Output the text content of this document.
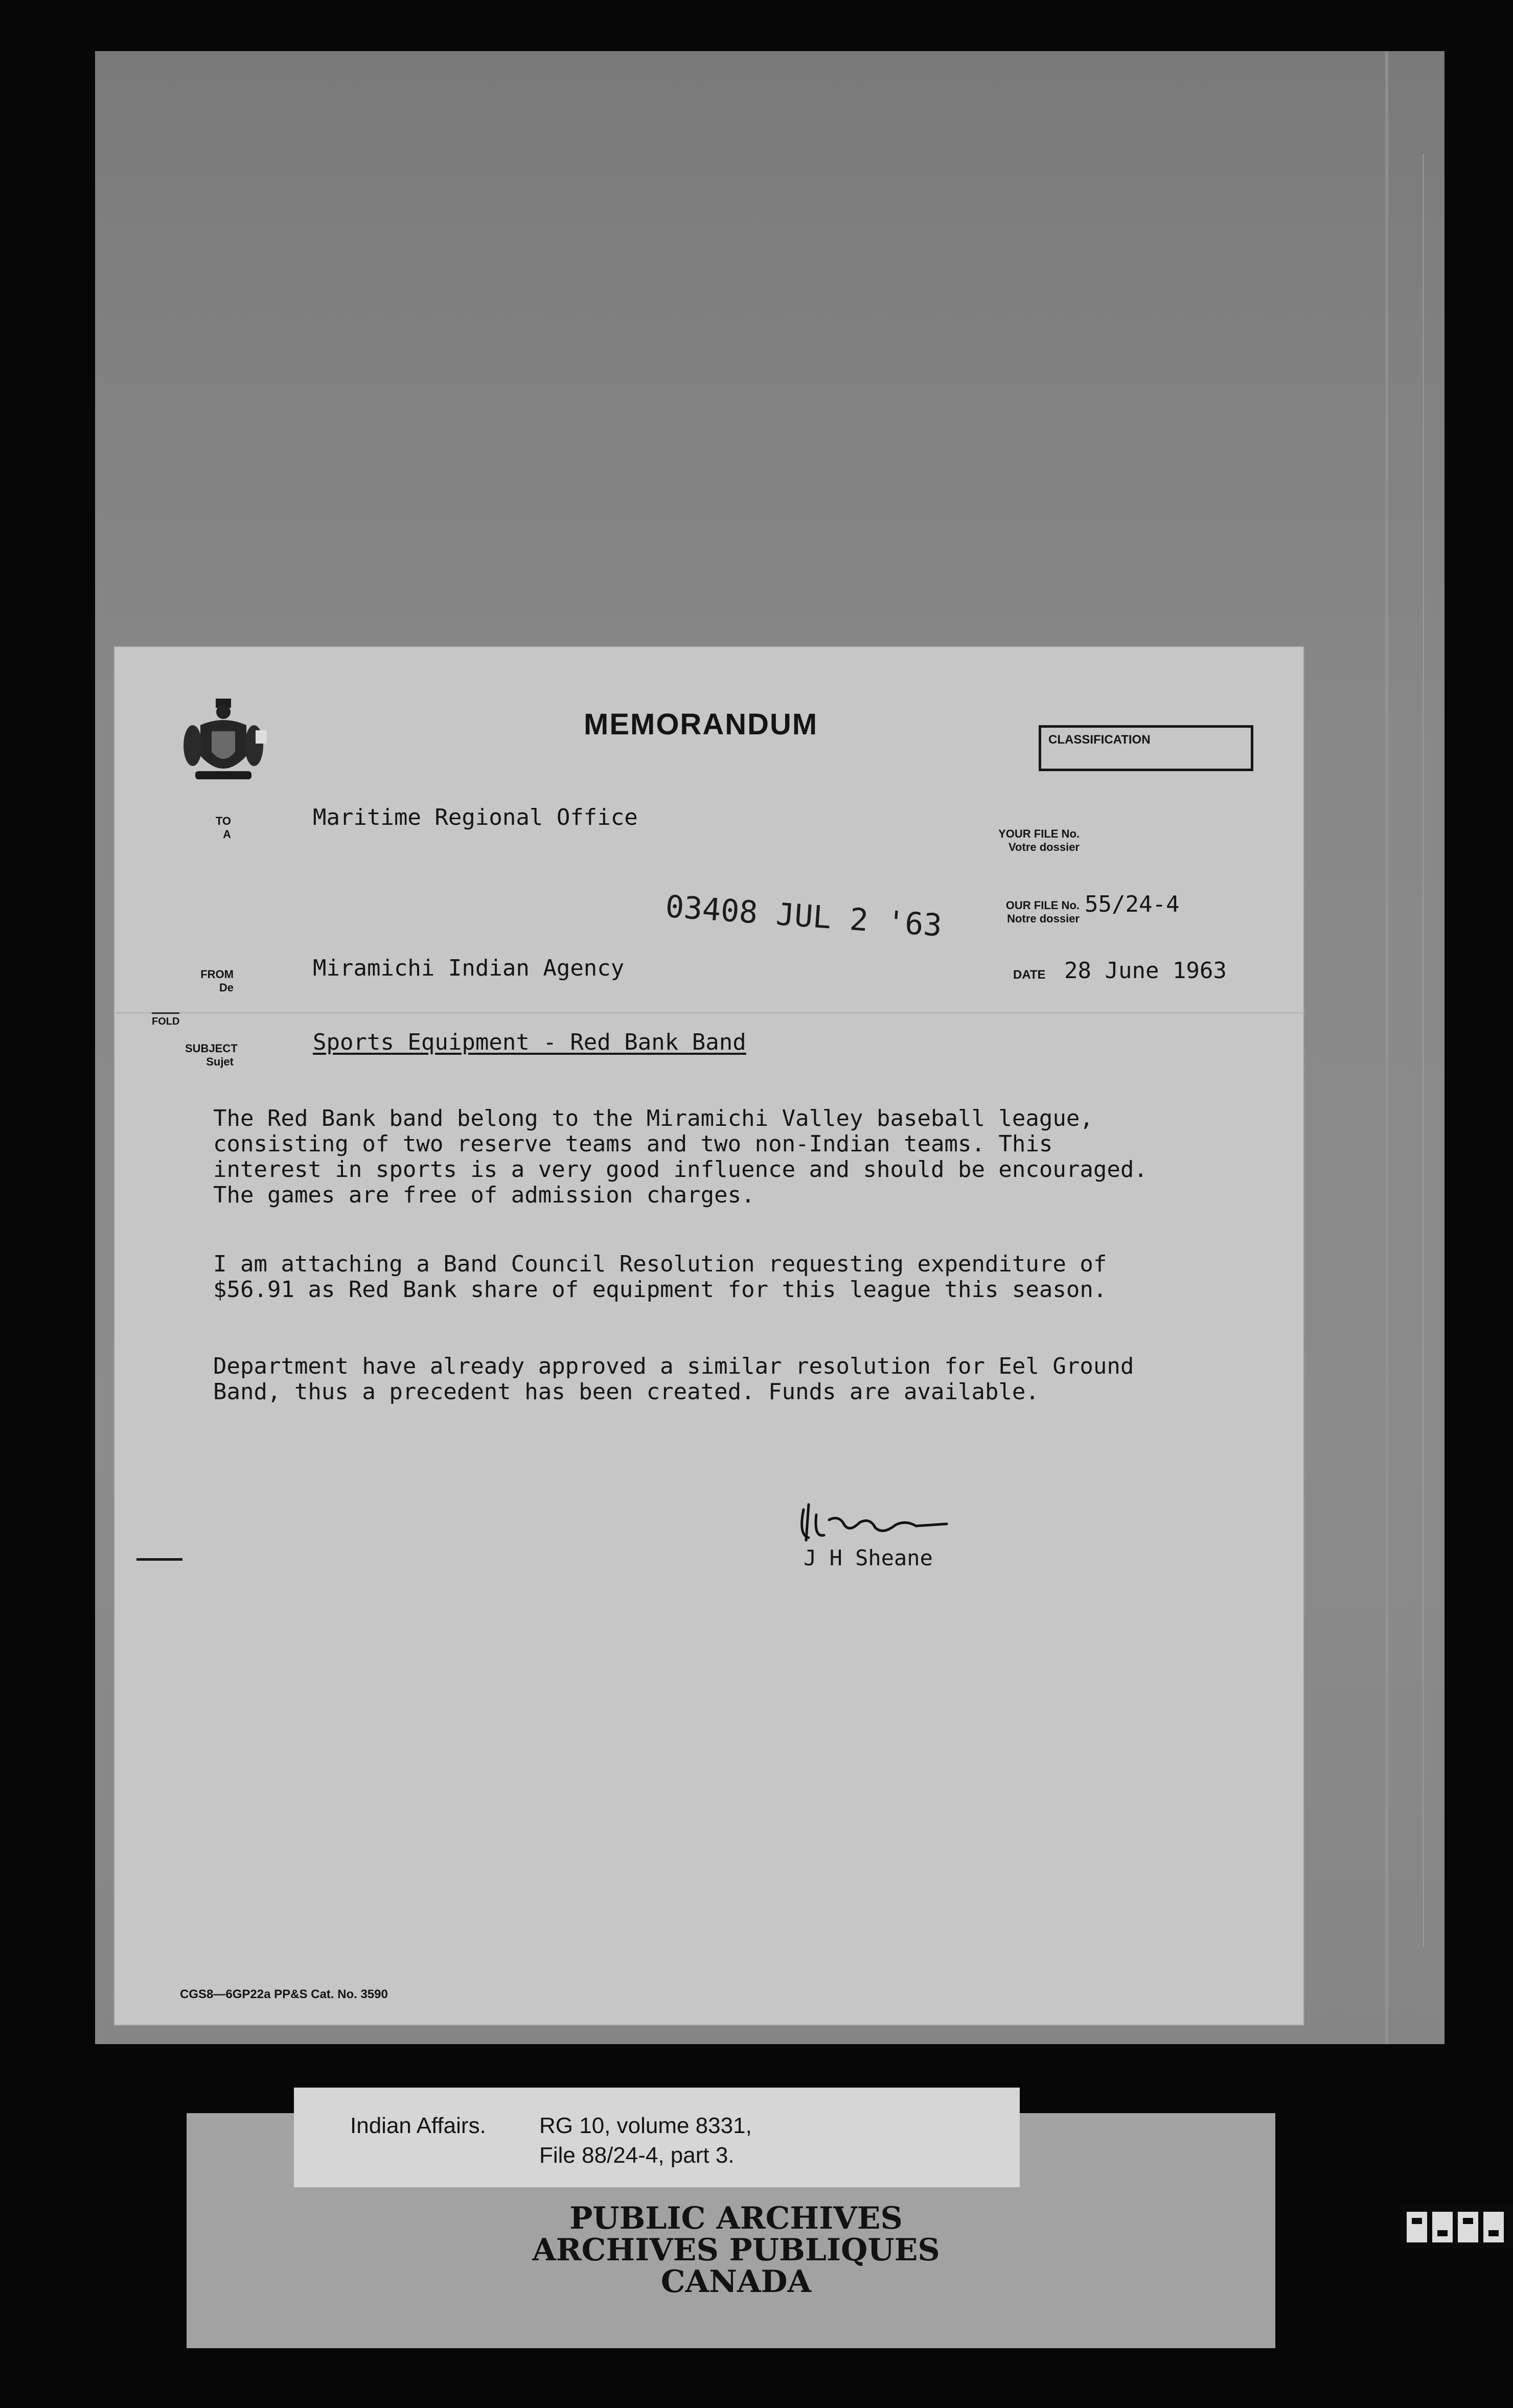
MEMORANDUM	CLASSIFICATION
TO
A
Maritime Regional Office
YOUR FILE No.
Votre dossier
OUR FILE No.
Notre dossier
55/24-4
03408 JUL 2 '63
FROM
De
Miramichi Indian Agency	DATE 28 June 1963
FOLD
SUBJECT
Sujet
Sports Equipment - Red Bank Band
The Red Bank band belong to the Miramichi Valley baseball league,
consisting of two reserve teams and two non-Indian teams. This
interest in sports is a very good influence and should be encouraged.
The games are free of admission charges.
I am attaching a Band Council Resolution requesting expenditure of
$56.91 as Red Bank share of equipment for this league this season.
Department have already approved a similar resolution for Eel Ground
Band, thus a precedent has been created. Funds are available.
J H Sheane
CGS8—6GP22a PP&S Cat. No. 3590
Indian Affairs. RG 10, volume 8331,
File 88/24-4, part 3.
PUBLIC ARCHIVES
ARCHIVES PUBLIQUES
CANADA
